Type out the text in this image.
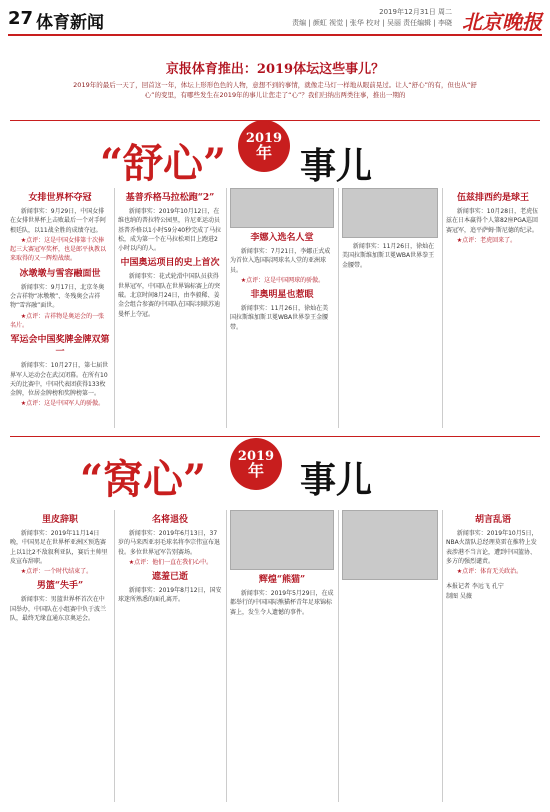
27 体育新闻
2019年12月31日 周二
责编 | 颜虹 视觉 | 张华 校对 | 吴丽 责任编辑 | 李晓 北京晚报
京报体育推出：2019体坛这些事儿？
2019年的最后一天了，回首这一年，体坛上形形色色的人物，意想不到的事情，就像走马灯一样地从眼前晃过。让人“舒心”的有，但也从“舒心”的变里，有哪些发生在2019年的事儿让您走了“心”？我们归纳出两类往事，推出一期的
“舒心”
2019
年 事儿
女排世界杯夺冠

新闻事实：9月29日，中国女排在女排世界杯上击败最后一个对手阿根廷队，以11战全胜的成绩夺冠。

★点评：这是中国女排第十次捧起三大赛冠军奖杯，也是郎平执教以来取得的又一辉煌战绩。

冰墩墩与雪容融面世

新闻事实：9月17日，北京冬奥会吉祥物“冰墩墩”、冬残奥会吉祥物“雪容融”面世。

★点评：吉祥物是奥运会的一张名片。

军运会中国奖牌金牌双第一

新闻事实：10月27日，第七届世界军人运动会在武汉闭幕。在所有10天的比赛中，中国代表团获得133枚金牌，位居金牌榜和奖牌榜第一。

★点评：这是中国军人的骄傲。

基普乔格马拉松跑“2”

新闻事实：2019年10月12日，在维也纳的普拉特公园里，肯尼亚运动员基普乔格以1小时59分40秒完成了马拉松，成为第一个在马拉松项目上跑进2小时以内的人。

中国奥运项目的史上首次

新闻事实：花式轮滑中国队员获得世界冠军，中国队在世界锦标赛上的突破。北京时间8月24日，由李毅稀、姜金会组合参赛的中国队在国际羽联苏迪曼杯上夺冠。

李娜入选名人堂

新闻事实：7月21日，李娜正式成为首位入选国际网球名人堂的亚洲球员。

★点评：这是中国网球的骄傲。

非奥明星也惹眼

新闻事实：11月26日，徐灿在美国拉斯维加斯卫冕WBA世界拳王金腰带。

新闻事实：11月26日，徐灿在美国拉斯维加斯卫冕WBA世界拳王金腰带。

伍兹排西约是球王

新闻事实：10月28日，老虎伍兹在日本赢得个人第82座PGA巡回赛冠军，追平萨姆·斯尼德的纪录。

★点评：老虎回来了。

“窝心”	2019
年	事儿
里皮辞职

新闻事实：2019年11月14日晚，中国男足在世界杯亚洲区预选赛上以1比2不敌叙利亚队，赛后主帅里皮宣布辞职。

★点评：一个时代结束了。

男篮“失手”

新闻事实：男篮世界杯首次在中国举办，中国队在小组赛中负于波兰队，最终无缘直通东京奥运会。

名将退役

新闻事实：2019年6月13日，37岁的马来西亚羽毛球名将李宗伟宣布退役。多位世界冠军告别赛场。

★点评：他们一直在我们心中。

遮羞已逝

新闻事实：2019年8月12日，国安球迷所熟悉的面孔离开。

辉煌“熊猫”

新闻事实：2019年5月29日，在成都举行的中国国际熊猫杯青年足球锦标赛上，发生令人遗憾的事件。

胡言乱语

新闻事实：2019年10月5日，NBA火箭队总经理莫雷在推特上发表涉港不当言论，遭到中国篮协、多方的强烈谴责。

★点评：体育无关政治。

本报记者 李远飞 孔宁
制图 吴薇
